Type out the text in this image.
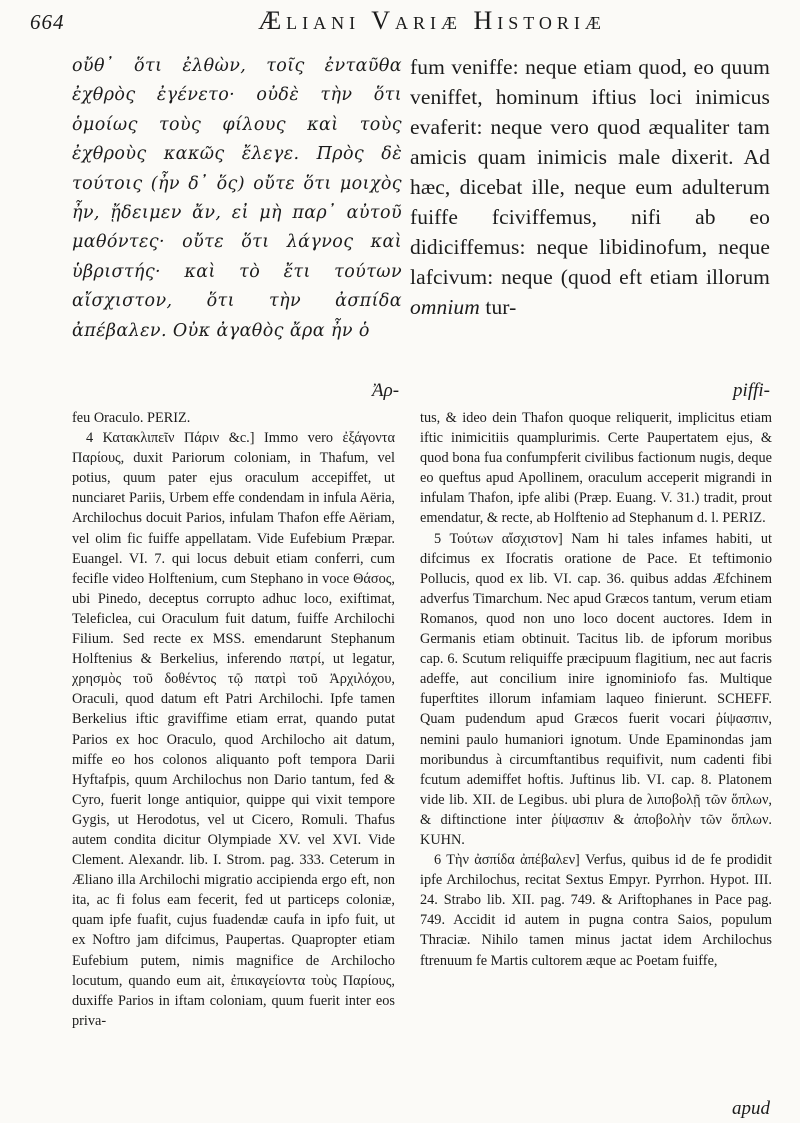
664	Æliani Variæ Historiæ
οὔθ᾽ ὅτι ἐλθὼν, τοῖς ἐνταῦθα ἐχθρὸς ἐγένετο· οὐδὲ τὴν ὅτι ὁμοίως τοὺς φίλους καὶ τοὺς ἐχθροὺς κακῶς ἔλεγε. Πρὸς δὲ τούτοις (ἦν δ᾽ ὅς) οὔτε ὅτι μοιχὸς ἦν, ᾔδειμεν ἄν, εἰ μὴ παρ᾽ αὐτοῦ μαθόντες· οὔτε ὅτι λάγνος καὶ ὑβριστής· καὶ τὸ ἔτι τούτων αἴσχιστον, ὅτι τὴν ἀσπίδα ἀπέβαλεν. Οὐκ ἀγαθὸς ἄρα ἦν ὁ
Ἀρ-
fum veniffe: neque etiam quod, eo quum veniffet, hominum iftius loci inimicus evaferit: neque vero quod æqualiter tam amicis quam inimicis male dixerit. Ad hæc, dicebat ille, neque eum adulterum fuiffe fciviffemus, nifi ab eo didiciffemus: neque libidinofum, neque lafcivum: neque (quod eft etiam illorum omnium tur-
piffi-

feu Oraculo. PERIZ.

4 Κατακλιπεῖν Πάριν &c.] Immo vero ἐξάγοντα Παρίους, duxit Pariorum coloniam, in Thafum, vel potius, quum pater ejus oraculum accepiffet, ut nunciaret Pariis, Urbem effe condendam in infula Aëria, Archilochus docuit Parios, infulam Thafon effe Aëriam, vel olim fic fuiffe appellatam. Vide Eufebium Præpar. Euangel. VI. 7. qui locus debuit etiam conferri, cum fecifle video Holftenium, cum Stephano in voce Θάσος, ubi Pinedo, deceptus corrupto adhuc loco, exiftimat, Teleficlea, cui Oraculum fuit datum, fuiffe Archilochi Filium. Sed recte ex MSS. emendarunt Stephanum Holftenius & Berkelius, inferendo πατρί, ut legatur, χρησμὸς τοῦ δοθέντος τῷ πατρὶ τοῦ Ἀρχιλόχου, Oraculi, quod datum eft Patri Archilochi. Ipfe tamen Berkelius iftic graviffime etiam errat, quando putat Parios ex hoc Oraculo, quod Archilocho ait datum, miffe eo hos colonos aliquanto poft tempora Darii Hyftafpis, quum Archilochus non Dario tantum, fed & Cyro, fuerit longe antiquior, quippe qui vixit tempore Gygis, ut Herodotus, vel ut Cicero, Romuli. Thafus autem condita dicitur Olympiade XV. vel XVI. Vide Clement. Alexandr. lib. I. Strom. pag. 333. Ceterum in Æliano illa Archilochi migratio accipienda ergo eft, non ita, ac fi folus eam fecerit, fed ut particeps coloniæ, quam ipfe fuafit, cujus fuadendæ caufa in ipfo fuit, ut ex Noftro jam difcimus, Paupertas. Quapropter etiam Eufebium putem, nimis magnifice de Archilocho locutum, quando eum ait, ἐπικαγείοντα τοὺς Παρίους, duxiffe Parios in iftam coloniam, quum fuerit inter eos priva-

tus, & ideo dein Thafon quoque reliquerit, implicitus etiam iftic inimicitiis quamplurimis. Certe Paupertatem ejus, & quod bona fua confumpferit civilibus factionum nugis, deque eo queftus apud Apollinem, oraculum acceperit migrandi in infulam Thafon, ipfe alibi (Præp. Euang. V. 31.) tradit, prout emendatur, & recte, ab Holftenio ad Stephanum d. l. PERIZ.

5 Τούτων αἴσχιστον] Nam hi tales infames habiti, ut difcimus ex Ifocratis oratione de Pace. Et teftimonio Pollucis, quod ex lib. VI. cap. 36. quibus addas Æfchinem adverfus Timarchum. Nec apud Græcos tantum, verum etiam Romanos, quod non uno loco docent auctores. Idem in Germanis etiam obtinuit. Tacitus lib. de ipforum moribus cap. 6. Scutum reliquiffe præcipuum flagitium, nec aut facris adeffe, aut concilium inire ignominiofo fas. Multique fuperftites illorum infamiam laqueo finierunt. SCHEFF. Quam pudendum apud Græcos fuerit vocari ῥίψασπιν, nemini paulo humaniori ignotum. Unde Epaminondas jam moribundus à circumftantibus requifivit, num cadenti fibi fcutum ademiffet hoftis. Juftinus lib. VI. cap. 8. Platonem vide lib. XII. de Legibus. ubi plura de λιποβολῇ τῶν ὅπλων, & diftinctione inter ῥίψασπιν & ἀποβολὴν τῶν ὅπλων. KUHN.

6 Τὴν ἀσπίδα ἀπέβαλεν] Verfus, quibus id de fe prodidit ipfe Archilochus, recitat Sextus Empyr. Pyrrhon. Hypot. III. 24. Strabo lib. XII. pag. 749. & Ariftophanes in Pace pag. 749. Accidit id autem in pugna contra Saios, populum Thraciæ. Nihilo tamen minus jactat idem Archilochus ftrenuum fe Martis cultorem æque ac Poetam fuiffe,

apud
